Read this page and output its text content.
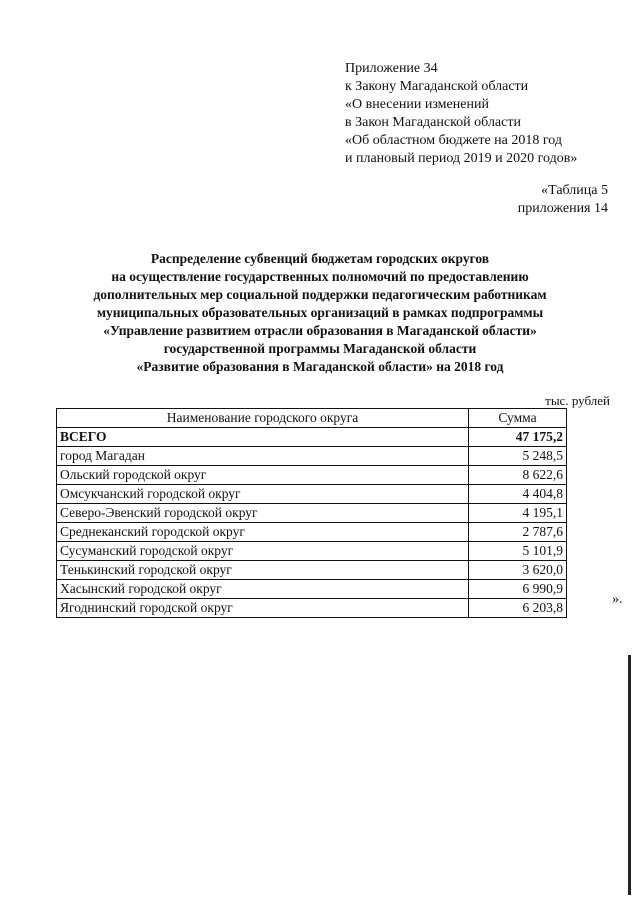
Приложение 34
к Закону Магаданской области
«О внесении изменений
в Закон Магаданской области
«Об областном бюджете на 2018 год
и плановый период 2019 и 2020 годов»
«Таблица 5
приложения 14
Распределение субвенций бюджетам городских округов
на осуществление государственных полномочий по предоставлению
дополнительных мер социальной поддержки педагогическим работникам
муниципальных образовательных организаций в рамках подпрограммы
«Управление развитием отрасли образования в Магаданской области»
государственной программы Магаданской области
«Развитие образования в Магаданской области» на 2018 год
тыс. рублей
Наименование городского округа	Сумма
ВСЕГО	47 175,2
город Магадан	5 248,5
Ольский городской округ	8 622,6
Омсукчанский городской округ	4 404,8
Северо-Эвенский городской округ	4 195,1
Среднеканский городской округ	2 787,6
Сусуманский городской округ	5 101,9
Тенькинский городской округ	3 620,0
Хасынский городской округ	6 990,9
Ягоднинский городской округ	6 203,8
».
